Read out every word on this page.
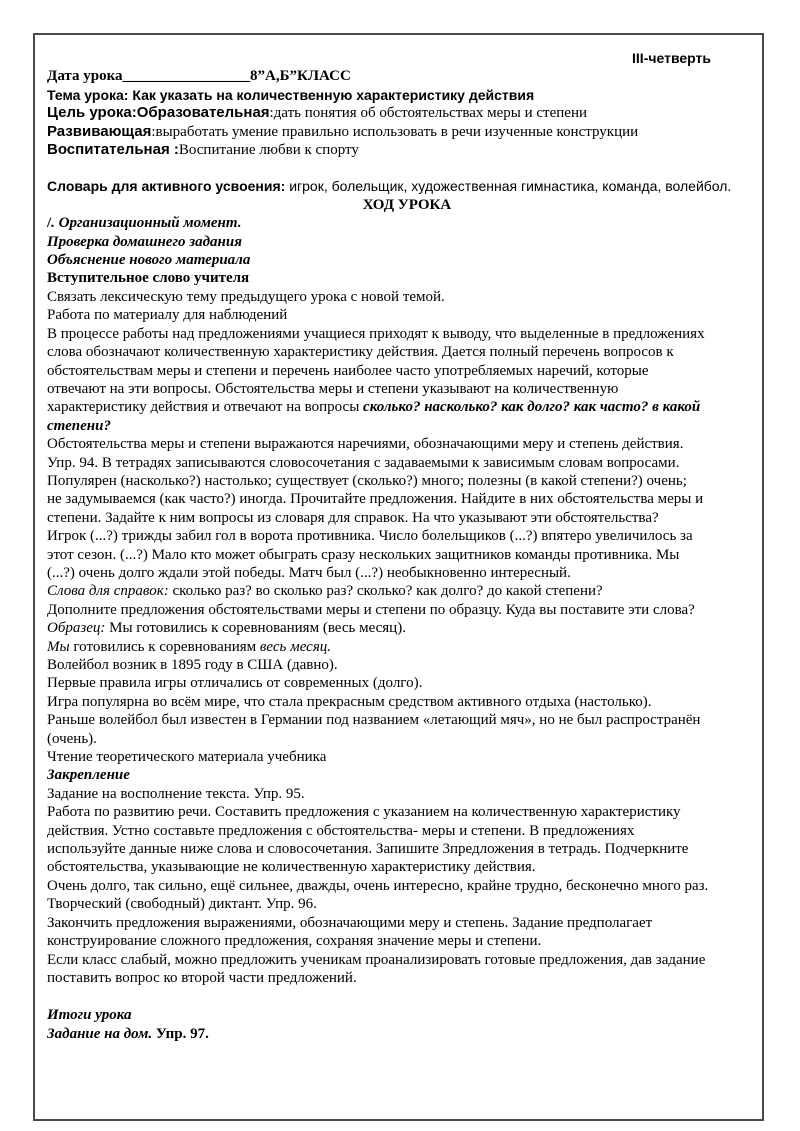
III-четверть
Дата урока_________________8”А,Б”КЛАСС
Тема урока: Как указать на количественную характеристику действия
Цель урока:Образовательная:дать понятия об обстоятельствах меры и степени
Развивающая:выработать умение правильно использовать в речи изученные конструкции
Воспитательная :Воспитание любви к спорту
Словарь для активного усвоения: игрок, болельщик, художественная гимнастика, команда, волейбол.
ХОД УРОКА
/. Организационный момент.
Проверка домашнего задания
Объяснение нового материала
Вступительное слово учителя
Связать лексическую тему предыдущего урока с новой темой.
Работа по материалу для наблюдений
В процессе работы над предложениями учащиеся приходят к выводу, что выделенные в предложениях
слова обозначают количественную характеристику действия. Дается полный перечень вопросов к
обстоятельствам меры и степени и перечень наиболее часто употребляемых наречий, которые
отвечают на эти вопросы. Обстоятельства меры и степени указывают на количественную
характеристику действия и отвечают на вопросы сколько? насколько? как долго? как часто? в какой
степени?
Обстоятельства меры и степени выражаются наречиями, обозначающими меру и степень действия.
Упр. 94. В тетрадях записываются словосочетания с задаваемыми к зависимым словам вопросами.
Популярен (насколько?) настолько; существует (сколько?) много; полезны (в какой степени?) очень;
не задумываемся (как часто?) иногда. Прочитайте предложения. Найдите в них обстоятельства меры и
степени. Задайте к ним вопросы из словаря для справок. На что указывают эти обстоятельства?
Игрок (...?) трижды забил гол в ворота противника. Число болельщиков (...?) впятеро увеличилось за
этот сезон. (...?) Мало кто может обыграть сразу нескольких защитников команды противника. Мы
(...?) очень долго ждали этой победы. Матч был (...?) необыкновенно интересный.
Слова для справок: сколько раз? во сколько раз? сколько? как долго? до какой степени?
Дополните предложения обстоятельствами меры и степени по образцу. Куда вы поставите эти слова?
Образец: Мы готовились к соревнованиям (весь месяц).
Мы готовились к соревнованиям весь месяц.
Волейбол возник в 1895 году в США (давно).
Первые правила игры отличались от современных (долго).
Игра популярна во всём мире, что стала прекрасным средством активного отдыха (настолько).
Раньше волейбол был известен в Германии под названием «летающий мяч», но не был распространён
(очень).
Чтение теоретического материала учебника
Закрепление
Задание на восполнение текста. Упр. 95.
Работа по развитию речи. Составить предложения с указанием на количественную характеристику
действия. Устно составьте предложения с обстоятельства- меры и степени. В предложениях
используйте данные ниже слова и словосочетания. Запишите 3предложения в тетрадь. Подчеркните
обстоятельства, указывающие не количественную характеристику действия.
Очень долго, так сильно, ещё сильнее, дважды, очень интересно, крайне трудно, бесконечно много раз.
Творческий (свободный) диктант. Упр. 96.
Закончить предложения выражениями, обозначающими меру и степень. Задание предполагает
конструирование сложного предложения, сохраняя значение меры и степени.
Если класс слабый, можно предложить ученикам проанализировать готовые предложения, дав задание
поставить вопрос ко второй части предложений.
Итоги урока
Задание на дом. Упр. 97.
